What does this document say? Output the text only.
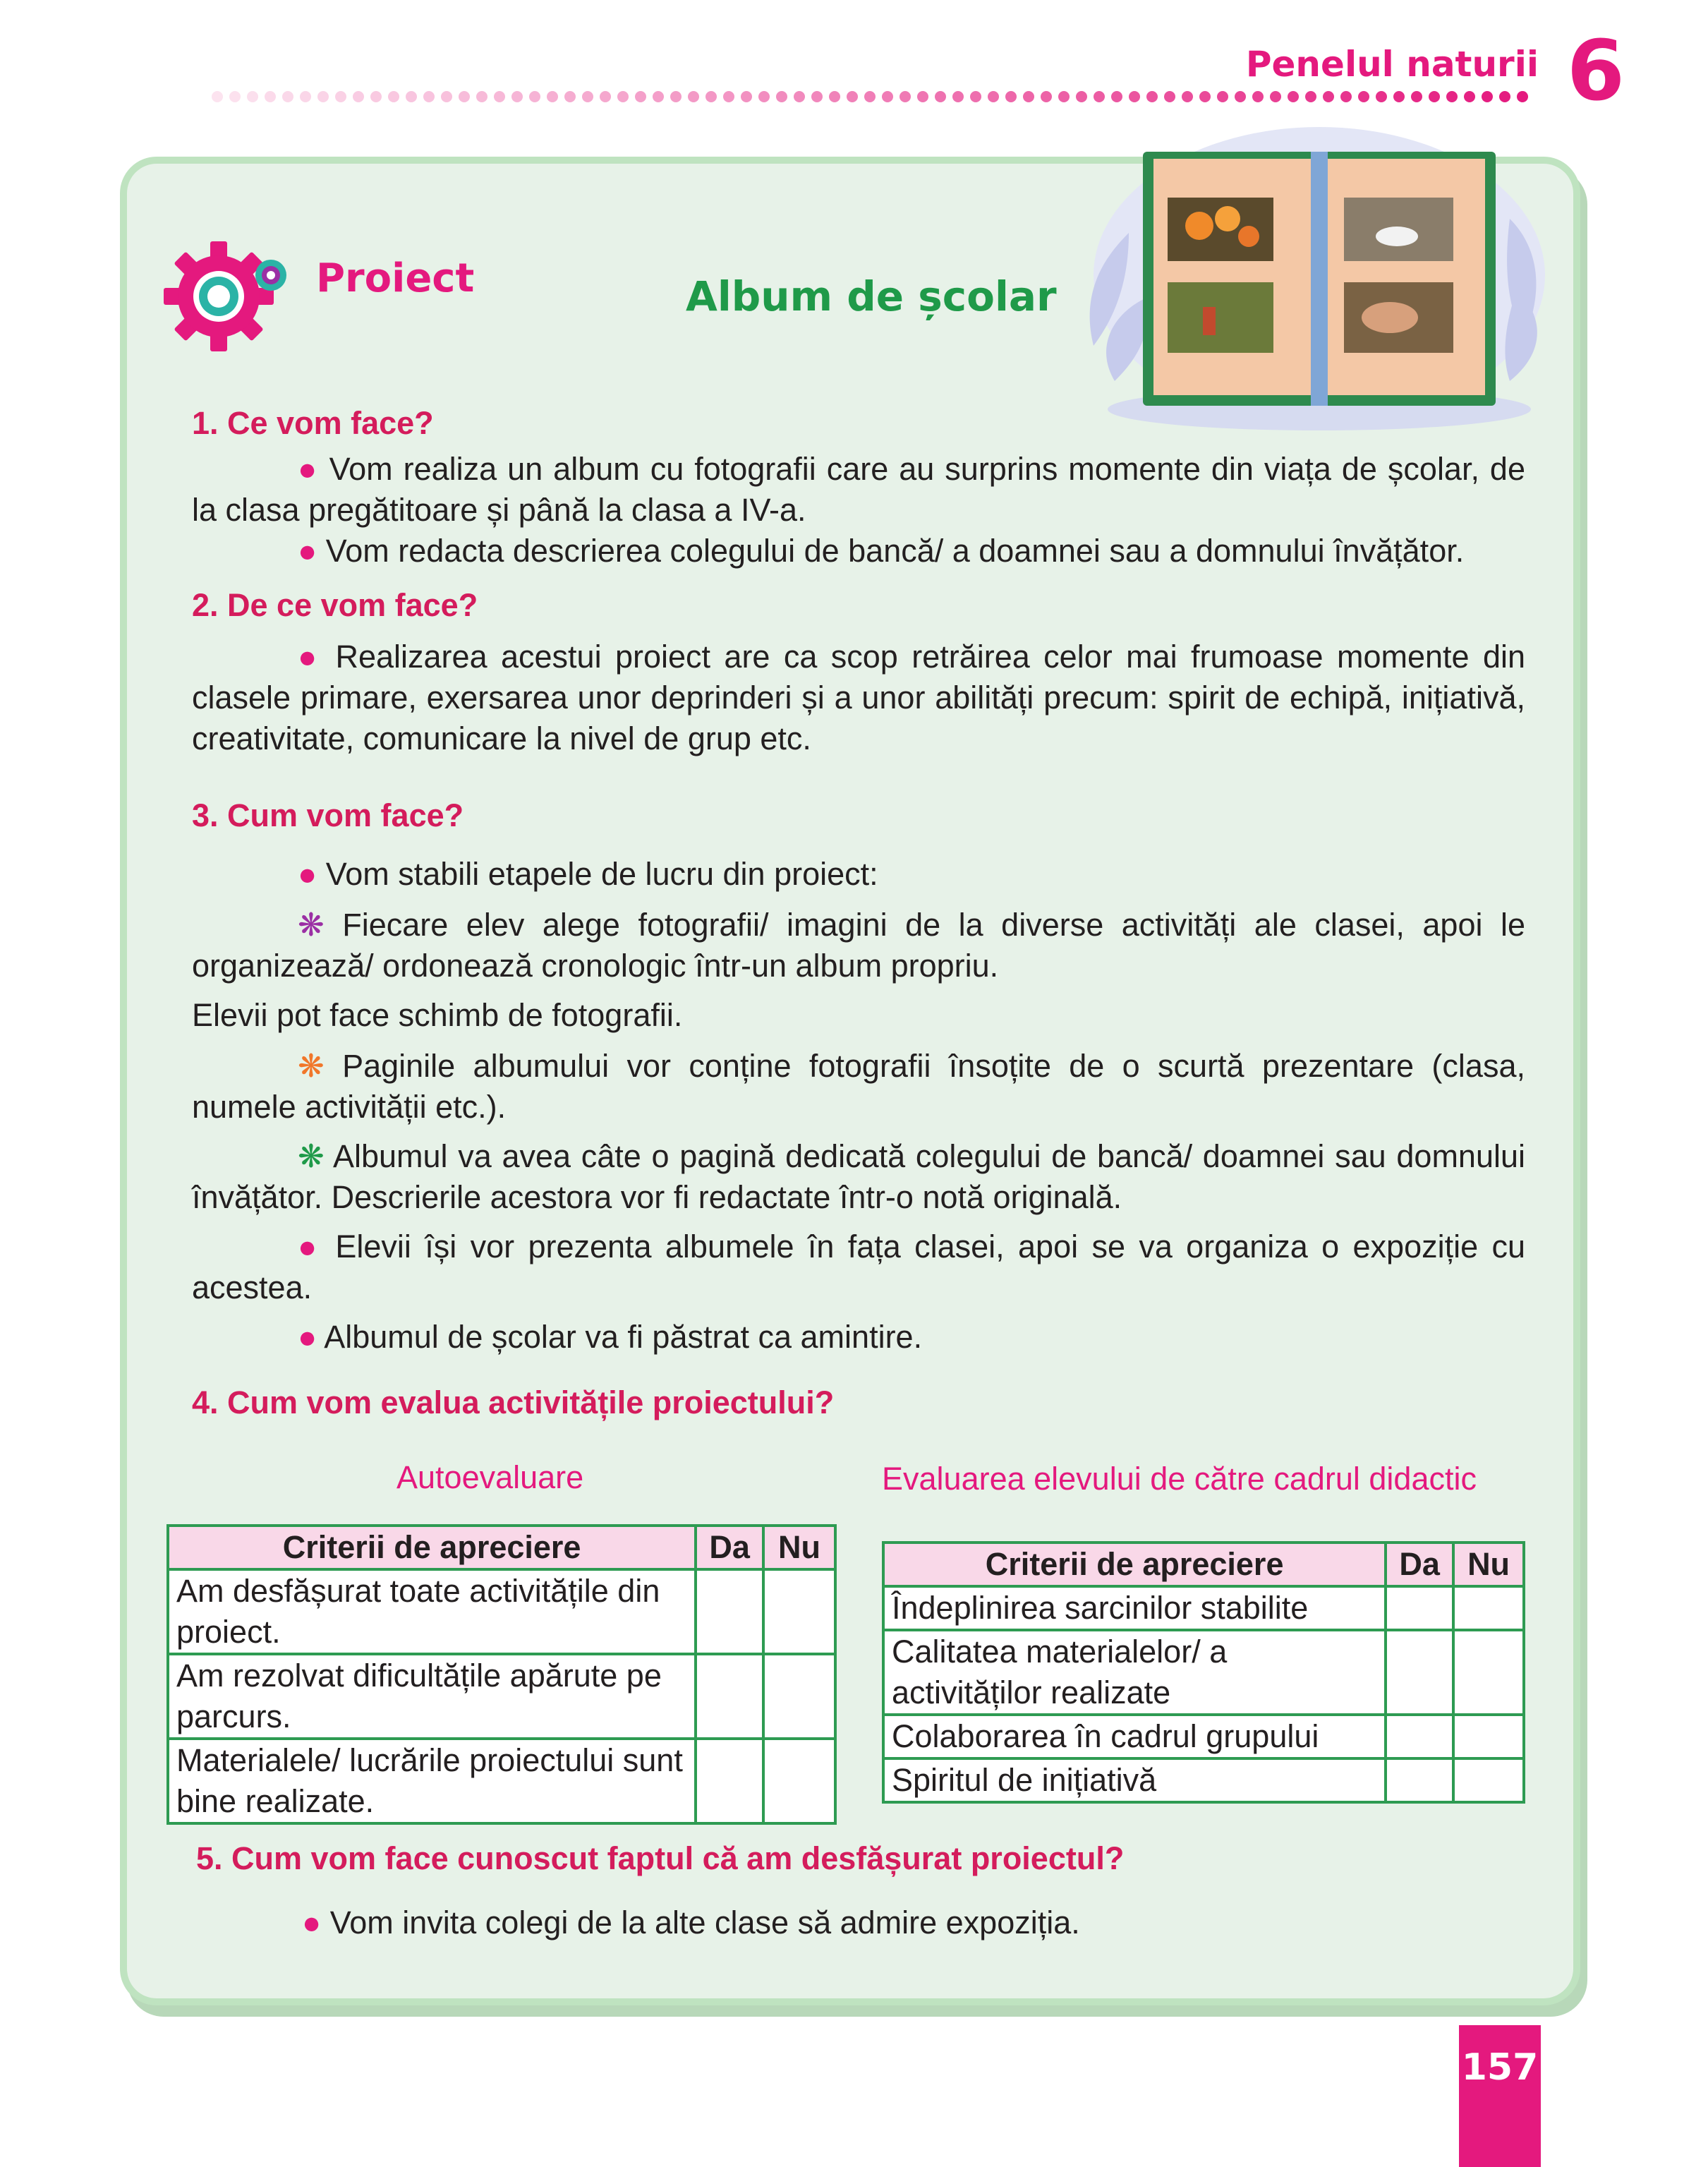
Penelul naturii 6
Proiect	Album de școlar
1. Ce vom face?
● Vom realiza un album cu fotografii care au surprins momente din viața de școlar, de la clasa pregătitoare și până la clasa a IV-a.
● Vom redacta descrierea colegului de bancă/ a doamnei sau a domnului învățător.
2. De ce vom face?
● Realizarea acestui proiect are ca scop retrăirea celor mai frumoase momente din clasele primare, exersarea unor deprinderi și a unor abilități precum: spirit de echipă, inițiativă, creativitate, comunicare la nivel de grup etc.
3. Cum vom face?
● Vom stabili etapele de lucru din proiect:
❋ Fiecare elev alege fotografii/ imagini de la diverse activități ale clasei, apoi le organizează/ ordonează cronologic într-un album propriu.
Elevii pot face schimb de fotografii.
❋ Paginile albumului vor conține fotografii însoțite de o scurtă prezentare (clasa, numele activității etc.).
❋ Albumul va avea câte o pagină dedicată colegului de bancă/ doamnei sau domnului învățător. Descrierile acestora vor fi redactate într-o notă originală.
● Elevii își vor prezenta albumele în fața clasei, apoi se va organiza o expoziție cu acestea.
● Albumul de școlar va fi păstrat ca amintire.
4. Cum vom evalua activitățile proiectului?
Autoevaluare
Criterii de apreciere	Da	Nu
Am desfășurat toate activitățile din proiect.		
Am rezolvat dificultățile apărute pe parcurs.		
Materialele/ lucrările proiectului sunt bine realizate.		
Evaluarea elevului de către cadrul didactic
Criterii de apreciere	Da	Nu
Îndeplinirea sarcinilor stabilite		
Calitatea materialelor/ a activităților realizate		
Colaborarea în cadrul grupului		
Spiritul de inițiativă		
5. Cum vom face cunoscut faptul că am desfășurat proiectul?
● Vom invita colegi de la alte clase să admire expoziția.
157
